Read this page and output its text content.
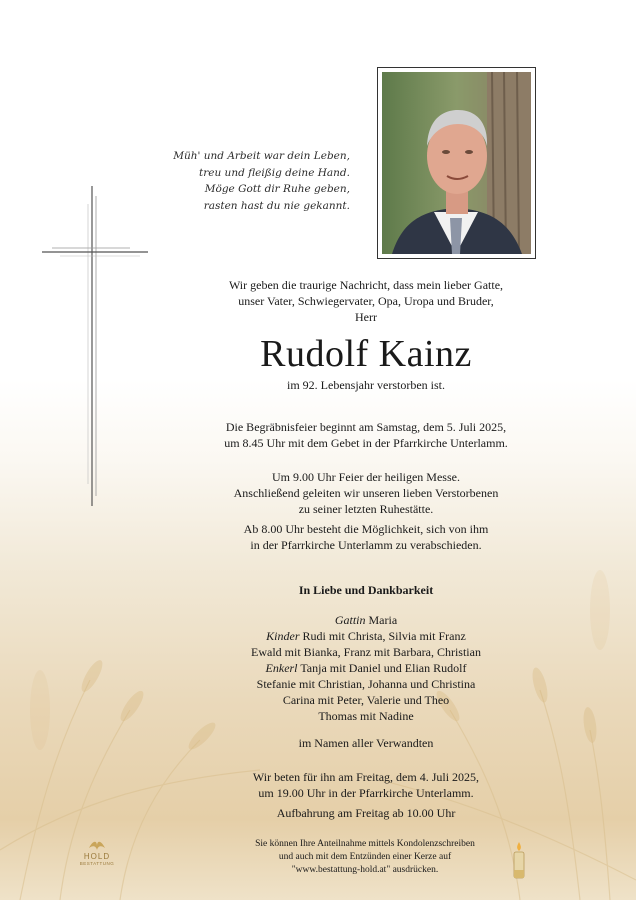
Müh' und Arbeit war dein Leben,
treu und fleißig deine Hand.
Möge Gott dir Ruhe geben,
rasten hast du nie gekannt.
Wir geben die traurige Nachricht, dass mein lieber Gatte,
unser Vater, Schwiegervater, Opa, Uropa und Bruder,
Herr
Rudolf Kainz
im 92. Lebensjahr verstorben ist.
Die Begräbnisfeier beginnt am Samstag, dem 5. Juli 2025,
um 8.45 Uhr mit dem Gebet in der Pfarrkirche Unterlamm.
Um 9.00 Uhr Feier der heiligen Messe.
Anschließend geleiten wir unseren lieben Verstorbenen
zu seiner letzten Ruhestätte.
Ab 8.00 Uhr besteht die Möglichkeit, sich von ihm
in der Pfarrkirche Unterlamm zu verabschieden.
In Liebe und Dankbarkeit
Gattin Maria
Kinder Rudi mit Christa, Silvia mit Franz
Ewald mit Bianka, Franz mit Barbara, Christian
Enkerl Tanja mit Daniel und Elian Rudolf
Stefanie mit Christian, Johanna und Christina
Carina mit Peter, Valerie und Theo
Thomas mit Nadine
im Namen aller Verwandten
Wir beten für ihn am Freitag, dem 4. Juli 2025,
um 19.00 Uhr in der Pfarrkirche Unterlamm.
Aufbahrung am Freitag ab 10.00 Uhr
Sie können Ihre Anteilnahme mittels Kondolenzschreiben
und auch mit dem Entzünden einer Kerze auf
"www.bestattung-hold.at" ausdrücken.
HOLD
BESTATTUNG
